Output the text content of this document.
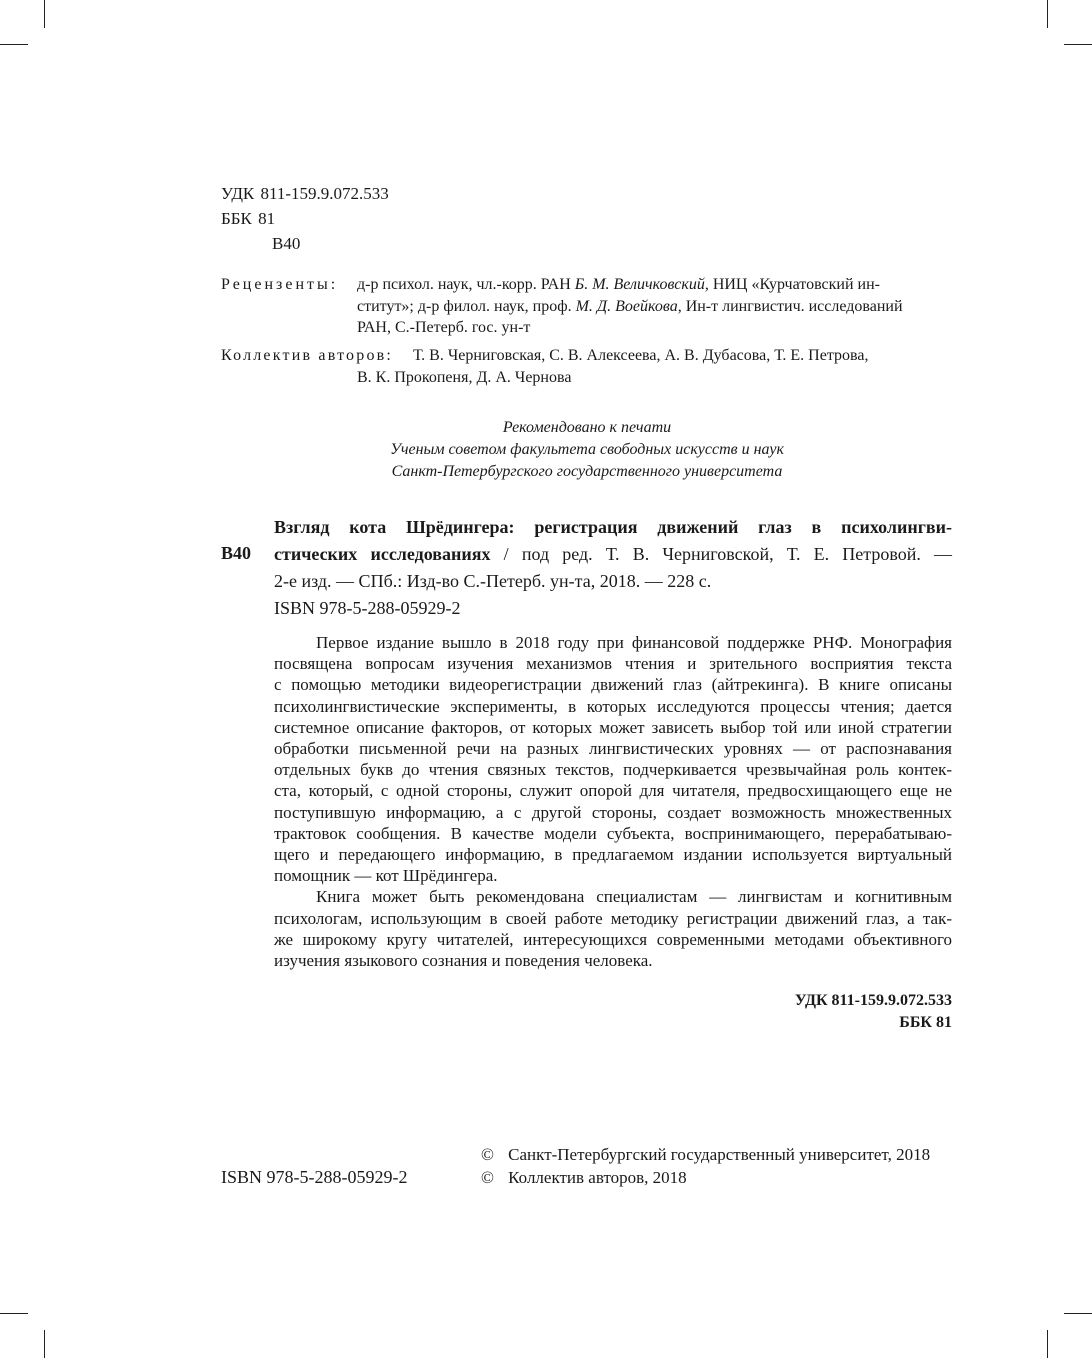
УДК 811-159.9.072.533
ББК 81
В40
Рецензенты: д-р психол. наук, чл.-корр. РАН Б. М. Величковский, НИЦ «Курчатовский ин-
ститут»; д-р филол. наук, проф. М. Д. Воейкова, Ин-т лингвистич. исследований
РАН, С.-Петерб. гос. ун-т
Коллектив авторов: Т. В. Черниговская, С. В. Алексеева, А. В. Дубасова, Т. Е. Петрова,
В. К. Прокопеня, Д. А. Чернова
Рекомендовано к печати
Ученым советом факультета свободных искусств и наук
Санкт-Петербургского государственного университета
В40
Взгляд кота Шрёдингера: регистрация движений глаз в психолингви-
стических исследованиях / под ред. Т. В. Черниговской, Т. Е. Петровой. —
2-е изд. — СПб.: Изд-во С.-Петерб. ун-та, 2018. — 228 с.
ISBN 978-5-288-05929-2
Первое издание вышло в 2018 году при финансовой поддержке РНФ. Монография
посвящена вопросам изучения механизмов чтения и зрительного восприятия текста
с помощью методики видеорегистрации движений глаз (айтрекинга). В книге описаны
психолингвистические эксперименты, в которых исследуются процессы чтения; дается
системное описание факторов, от которых может зависеть выбор той или иной стратегии
обработки письменной речи на разных лингвистических уровнях — от распознавания
отдельных букв до чтения связных текстов, подчеркивается чрезвычайная роль контек-
ста, который, с одной стороны, служит опорой для читателя, предвосхищающего еще не
поступившую информацию, а с другой стороны, создает возможность множественных
трактовок сообщения. В качестве модели субъекта, воспринимающего, перерабатываю-
щего и передающего информацию, в предлагаемом издании используется виртуальный
помощник — кот Шрёдингера.
Книга может быть рекомендована специалистам — лингвистам и когнитивным
психологам, использующим в своей работе методику регистрации движений глаз, а так-
же широкому кругу читателей, интересующихся современными методами объективного
изучения языкового сознания и поведения человека.
УДК 811-159.9.072.533
ББК 81
ISBN 978-5-288-05929-2
© Санкт-Петербургский государственный университет, 2018
© Коллектив авторов, 2018
